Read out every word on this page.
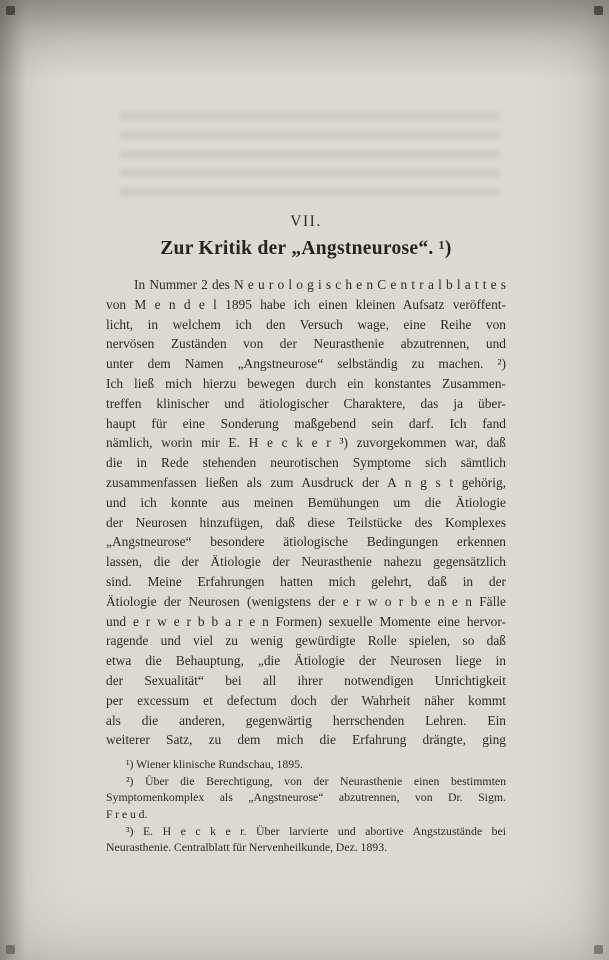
VII.
Zur Kritik der „Angstneurose“. ¹)
In Nummer 2 des N e u r o l o g i s c h e n C e n t r a l b l a t t e s
von M e n d e l 1895 habe ich einen kleinen Aufsatz veröffent-
licht, in welchem ich den Versuch wage, eine Reihe von
nervösen Zuständen von der Neurasthenie abzutrennen, und
unter dem Namen „Angstneurose“ selbständig zu machen. ²)
Ich ließ mich hierzu bewegen durch ein konstantes Zusammen-
treffen klinischer und ätiologischer Charaktere, das ja über-
haupt für eine Sonderung maßgebend sein darf. Ich fand
nämlich, worin mir E. H e c k e r ³) zuvorgekommen war, daß
die in Rede stehenden neurotischen Symptome sich sämtlich
zusammenfassen ließen als zum Ausdruck der A n g s t gehörig,
und ich konnte aus meinen Bemühungen um die Ätiologie
der Neurosen hinzufügen, daß diese Teilstücke des Komplexes
„Angstneurose“ besondere ätiologische Bedingungen erkennen
lassen, die der Ätiologie der Neurasthenie nahezu gegensätzlich
sind. Meine Erfahrungen hatten mich gelehrt, daß in der
Ätiologie der Neurosen (wenigstens der e r w o r b e n e n Fälle
und e r w e r b b a r e n Formen) sexuelle Momente eine hervor-
ragende und viel zu wenig gewürdigte Rolle spielen, so daß
etwa die Behauptung, „die Ätiologie der Neurosen liege in
der Sexualität“ bei all ihrer notwendigen Unrichtigkeit
per excessum et defectum doch der Wahrheit näher kommt
als die anderen, gegenwärtig herrschenden Lehren. Ein
weiterer Satz, zu dem mich die Erfahrung drängte, ging
¹) Wiener klinische Rundschau, 1895.
²) Über die Berechtigung, von der Neurasthenie einen bestimmten
Symptomenkomplex als „Angstneurose“ abzutrennen, von Dr. Sigm.
F r e u d.
³) E. H e c k e r. Über larvierte und abortive Angstzustände bei
Neurasthenie. Centralblatt für Nervenheilkunde, Dez. 1893.
